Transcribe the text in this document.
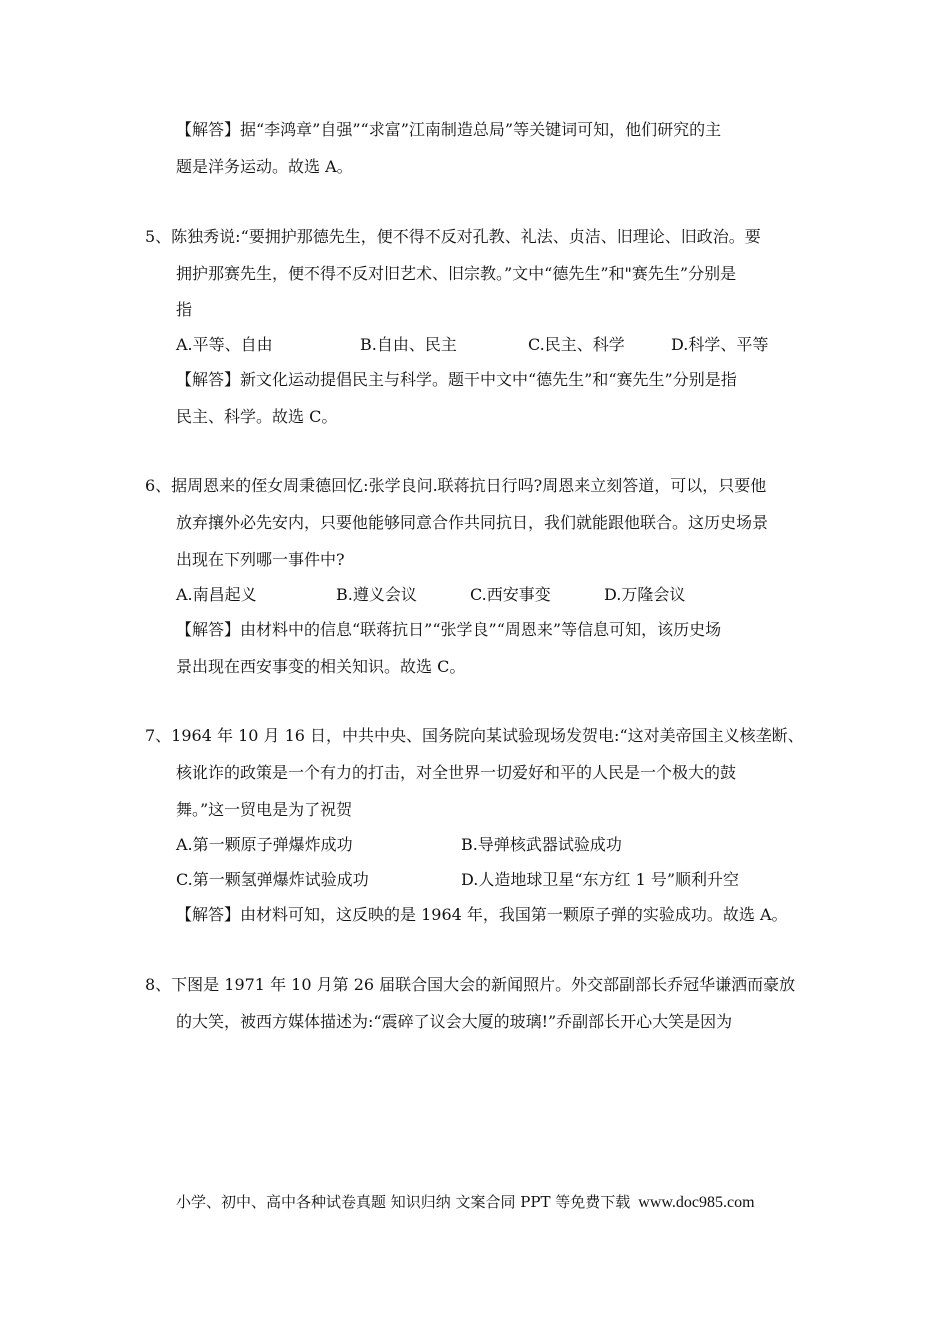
【解答】据“李鸿章”自强”“求富”江南制造总局”等关键词可知，他们研究的主
题是洋务运动。故选 A。
5、陈独秀说:“要拥护那德先生，便不得不反对孔教、礼法、贞洁、旧理论、旧政治。要
拥护那赛先生，便不得不反对旧艺术、旧宗教。”文中“德先生”和"赛先生”分别是
指
A.平等、自由	B.自由、民主	C.民主、科学	D.科学、平等
【解答】新文化运动提倡民主与科学。题干中文中“德先生”和“赛先生”分别是指
民主、科学。故选 C。
6、据周恩来的侄女周秉德回忆:张学良问.联蒋抗日行吗?周恩来立刻答道，可以，只要他
放弃攘外必先安内，只要他能够同意合作共同抗日，我们就能跟他联合。这历史场景
出现在下列哪一事件中?
A.南昌起义	B.遵义会议	C.西安事变	D.万隆会议
【解答】由材料中的信息“联蒋抗日”“张学良”“周恩来”等信息可知，该历史场
景出现在西安事变的相关知识。故选 C。
7、1964 年 10 月 16 日，中共中央、国务院向某试验现场发贺电:“这对美帝国主义核垄断、
核讹诈的政策是一个有力的打击，对全世界一切爱好和平的人民是一个极大的鼓
舞。”这一贸电是为了祝贺
A.第一颗原子弹爆炸成功	B.导弹核武器试验成功
C.第一颗氢弹爆炸试验成功	D.人造地球卫星“东方红 1 号”顺利升空
【解答】由材料可知，这反映的是 1964 年，我国第一颗原子弹的实验成功。故选 A。
8、下图是 1971 年 10 月第 26 届联合国大会的新闻照片。外交部副部长乔冠华谦洒而豪放
的大笑，被西方媒体描述为:“震碎了议会大厦的玻璃!”乔副部长开心大笑是因为
小学、初中、高中各种试卷真题 知识归纳 文案合同 PPT 等免费下载 www.doc985.com
